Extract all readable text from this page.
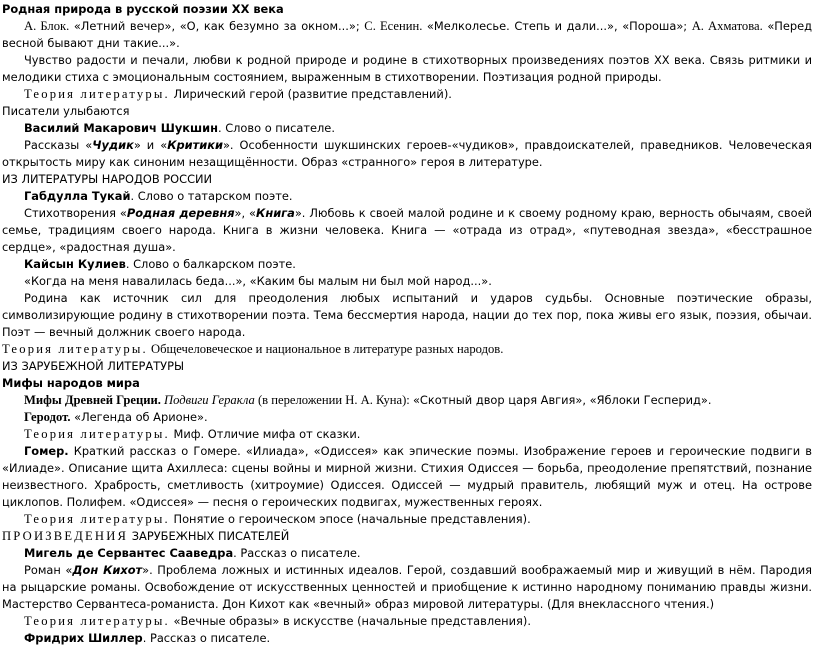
Родная природа в русской поэзии XX века

А. Блок. «Летний вечер», «О, как безумно за окном...»; С. Есенин. «Мелколесье. Степь и дали...», «Пороша»; А. Ахматова. «Перед весной бывают дни такие...».

Чувство радости и печали, любви к родной природе и родине в стихотворных произведениях поэтов XX века. Связь ритмики и мелодики стиха с эмоциональным состоянием, выраженным в стихотворении. Поэтизация родной природы.

Теория литературы. Лирический герой (развитие представлений).

Писатели улыбаются

Василий Макарович Шукшин. Слово о писателе.

Рассказы «Чудик» и «Критики». Особенности шукшинских героев-«чудиков», правдоискателей, праведников. Человеческая открытость миру как синоним незащищённости. Образ «странного» героя в литературе.

ИЗ ЛИТЕРАТУРЫ НАРОДОВ РОССИИ

Габдулла Тукай. Слово о татарском поэте.

Стихотворения «Родная деревня», «Книга». Любовь к своей малой родине и к своему родному краю, верность обычаям, своей семье, традициям своего народа. Книга в жизни человека. Книга — «отрада из отрад», «путеводная звезда», «бесстрашное сердце», «радостная душа».

Кайсын Кулиев. Слово о балкарском поэте.

«Когда на меня навалилась беда...», «Каким бы малым ни был мой народ...».

Родина как источник сил для преодоления любых испытаний и ударов судьбы. Основные поэтические образы, символизирующие родину в стихотворении поэта. Тема бессмертия народа, нации до тех пор, пока живы его язык, поэзия, обычаи. Поэт — вечный должник своего народа.

Теория литературы. Общечеловеческое и национальное в литературе разных народов.

ИЗ ЗАРУБЕЖНОЙ ЛИТЕРАТУРЫ

Мифы народов мира

Мифы Древней Греции. Подвиги Геракла (в переложении Н. А. Куна): «Скотный двор царя Авгия», «Яблоки Гесперид».

Геродот. «Легенда об Арионе».

Теория литературы. Миф. Отличие мифа от сказки.

Гомер. Краткий рассказ о Гомере. «Илиада», «Одиссея» как эпические поэмы. Изображение героев и героические подвиги в «Илиаде». Описание щита Ахиллеса: сцены войны и мирной жизни. Стихия Одиссея — борьба, преодоление препятствий, познание неизвестного. Храбрость, сметливость (хитроумие) Одиссея. Одиссей — мудрый правитель, любящий муж и отец. На острове циклопов. Полифем. «Одиссея» — песня о героических подвигах, мужественных героях.

Теория литературы. Понятие о героическом эпосе (начальные представления).

ПРОИЗВЕДЕНИЯ ЗАРУБЕЖНЫХ ПИСАТЕЛЕЙ

Мигель де Сервантес Сааведра. Рассказ о писателе.

Роман «Дон Кихот». Проблема ложных и истинных идеалов. Герой, создавший воображаемый мир и живущий в нём. Пародия на рыцарские романы. Освобождение от искусственных ценностей и приобщение к истинно народному пониманию правды жизни. Мастерство Сервантеса-романиста. Дон Кихот как «вечный» образ мировой литературы. (Для внеклассного чтения.)

Теория литературы. «Вечные образы» в искусстве (начальные представления).

Фридрих Шиллер. Рассказ о писателе.
